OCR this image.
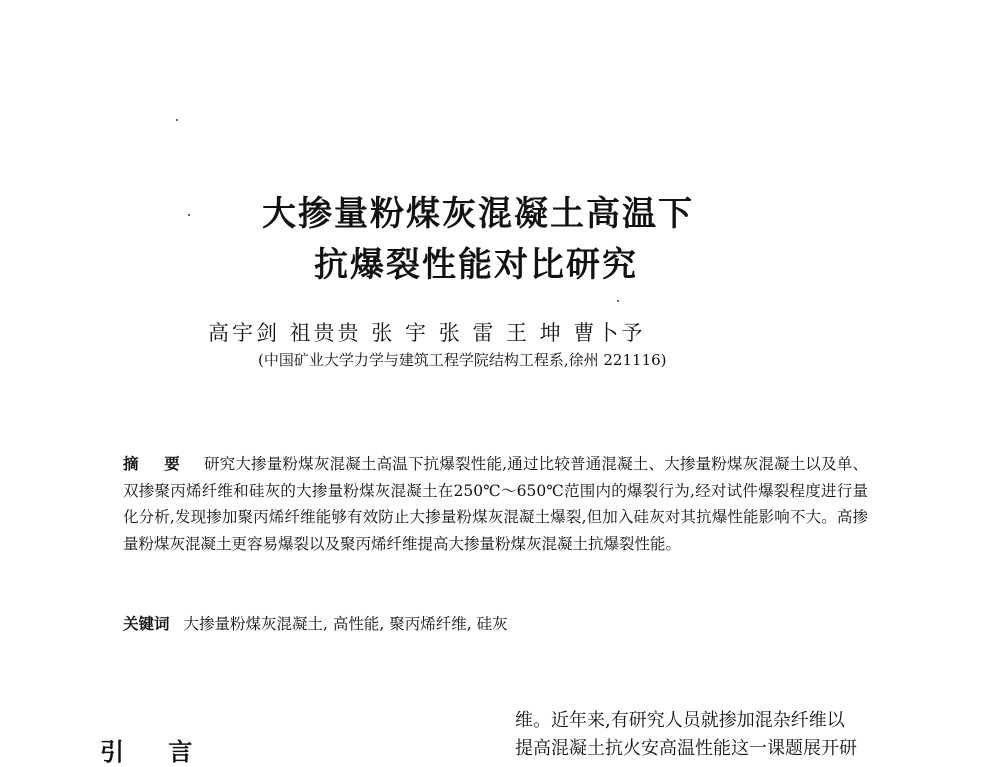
大掺量粉煤灰混凝土高温下
抗爆裂性能对比研究
高宇剑 祖贵贵 张 宇 张 雷 王 坤 曹卜予
(中国矿业大学力学与建筑工程学院结构工程系,徐州 221116)
摘 要 研究大掺量粉煤灰混凝土高温下抗爆裂性能,通过比较普通混凝土、大掺量粉煤灰混凝土以及单、双掺聚丙烯纤维和硅灰的大掺量粉煤灰混凝土在250℃～650℃范围内的爆裂行为,经对试件爆裂程度进行量化分析,发现掺加聚丙烯纤维能够有效防止大掺量粉煤灰混凝土爆裂,但加入硅灰对其抗爆性能影响不大。高掺量粉煤灰混凝土更容易爆裂以及聚丙烯纤维提高大掺量粉煤灰混凝土抗爆裂性能。
关键词 大掺量粉煤灰混凝土, 高性能, 聚丙烯纤维, 硅灰
引 言
维。近年来,有研究人员就掺加混杂纤维以
提高混凝土抗火安高温性能这一课题展开研
